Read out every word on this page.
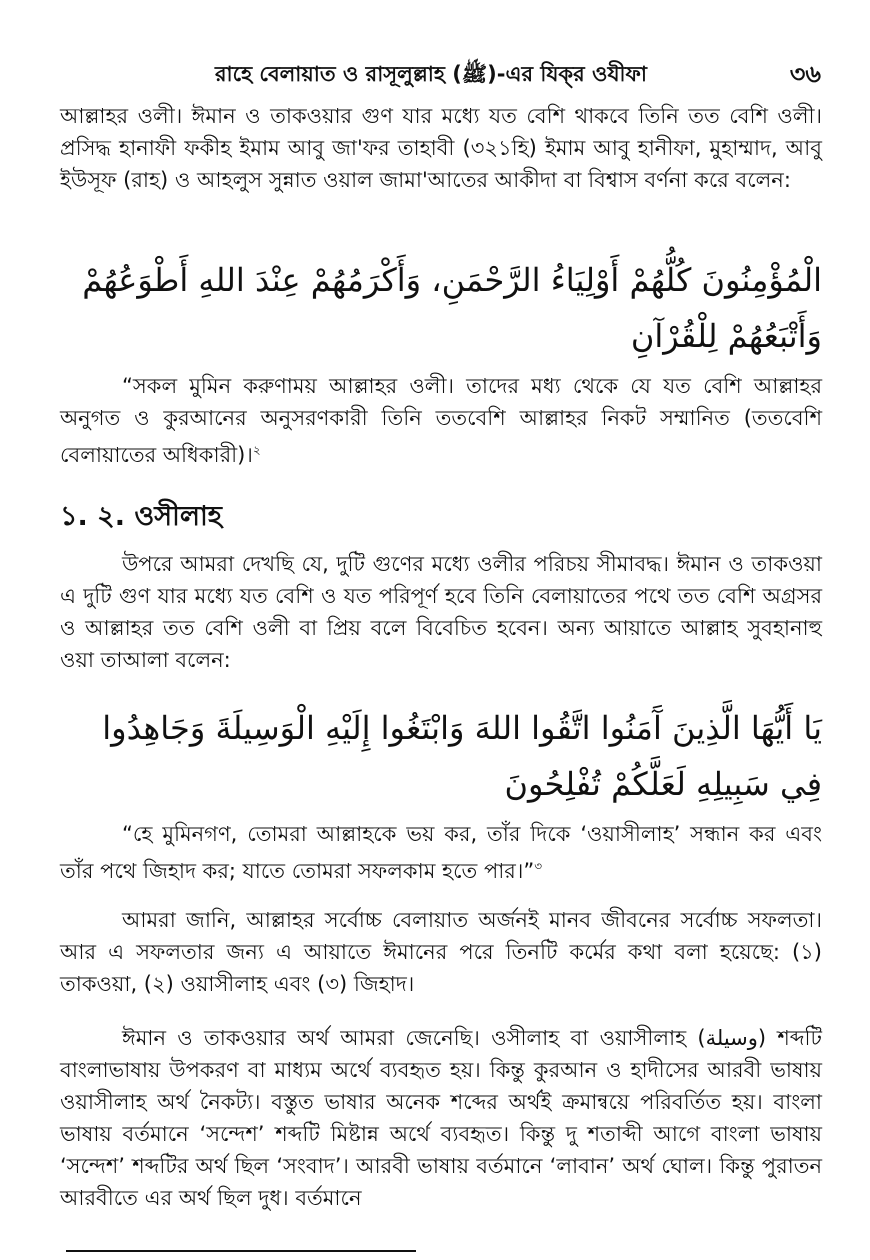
রাহে বেলায়াত ও রাসূলুল্লাহ (ﷺ)-এর যিক্‌র ওযীফা	৩৬
আল্লাহর ওলী। ঈমান ও তাকওয়ার গুণ যার মধ্যে যত বেশি থাকবে তিনি তত বেশি ওলী। প্রসিদ্ধ হানাফী ফকীহ ইমাম আবু জা'ফর তাহাবী (৩২১হি) ইমাম আবু হানীফা, মুহাম্মাদ, আবু ইউসূফ (রাহ) ও আহলুস সুন্নাত ওয়াল জামা'আতের আকীদা বা বিশ্বাস বর্ণনা করে বলেন:
الْمُؤْمِنُونَ كُلُّهُمْ أَوْلِيَاءُ الرَّحْمَنِ، وَأَكْرَمُهُمْ عِنْدَ اللهِ أَطْوَعُهُمْ وَأَتْبَعُهُمْ لِلْقُرْآنِ
“সকল মুমিন করুণাময় আল্লাহর ওলী। তাদের মধ্য থেকে যে যত বেশি আল্লাহর অনুগত ও কুরআনের অনুসরণকারী তিনি ততবেশি আল্লাহর নিকট সম্মানিত (ততবেশি বেলায়াতের অধিকারী)।$^২$
১. ২. ওসীলাহ
উপরে আমরা দেখছি যে, দুটি গুণের মধ্যে ওলীর পরিচয় সীমাবদ্ধ। ঈমান ও তাকওয়া এ দুটি গুণ যার মধ্যে যত বেশি ও যত পরিপূর্ণ হবে তিনি বেলায়াতের পথে তত বেশি অগ্রসর ও আল্লাহর তত বেশি ওলী বা প্রিয় বলে বিবেচিত হবেন। অন্য আয়াতে আল্লাহ সুবহানাহু ওয়া তাআলা বলেন:
يَا أَيُّهَا الَّذِينَ آَمَنُوا اتَّقُوا اللهَ وَابْتَغُوا إِلَيْهِ الْوَسِيلَةَ وَجَاهِدُوا فِي سَبِيلِهِ لَعَلَّكُمْ تُفْلِحُونَ
“হে মুমিনগণ, তোমরা আল্লাহকে ভয় কর, তাঁর দিকে ‘ওয়াসীলাহ’ সন্ধান কর এবং তাঁর পথে জিহাদ কর; যাতে তোমরা সফলকাম হতে পার।”$^৩$
আমরা জানি, আল্লাহর সর্বোচ্চ বেলায়াত অর্জনই মানব জীবনের সর্বোচ্চ সফলতা। আর এ সফলতার জন্য এ আয়াতে ঈমানের পরে তিনটি কর্মের কথা বলা হয়েছে: (১) তাকওয়া, (২) ওয়াসীলাহ এবং (৩) জিহাদ।
ঈমান ও তাকওয়ার অর্থ আমরা জেনেছি। ওসীলাহ বা ওয়াসীলাহ (وسيلة) শব্দটি বাংলাভাষায় উপকরণ বা মাধ্যম অর্থে ব্যবহৃত হয়। কিন্তু কুরআন ও হাদীসের আরবী ভাষায় ওয়াসীলাহ অর্থ নৈকট্য। বস্তুত ভাষার অনেক শব্দের অর্থই ক্রমান্বয়ে পরিবর্তিত হয়। বাংলা ভাষায় বর্তমানে ‘সন্দেশ’ শব্দটি মিষ্টান্ন অর্থে ব্যবহৃত। কিন্তু দু শতাব্দী আগে বাংলা ভাষায় ‘সন্দেশ’ শব্দটির অর্থ ছিল ‘সংবাদ’। আরবী ভাষায় বর্তমানে ‘লাবান’ অর্থ ঘোল। কিন্তু পুরাতন আরবীতে এর অর্থ ছিল দুধ। বর্তমানে
